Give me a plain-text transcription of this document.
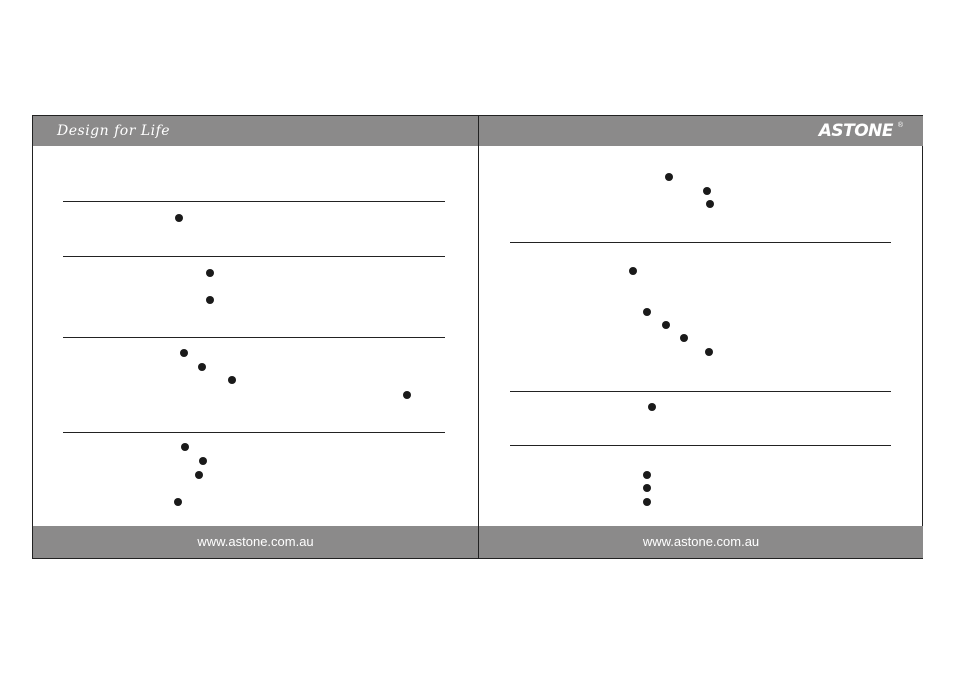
Design for Life
www.astone.com.au
ASTONE ®
www.astone.com.au
